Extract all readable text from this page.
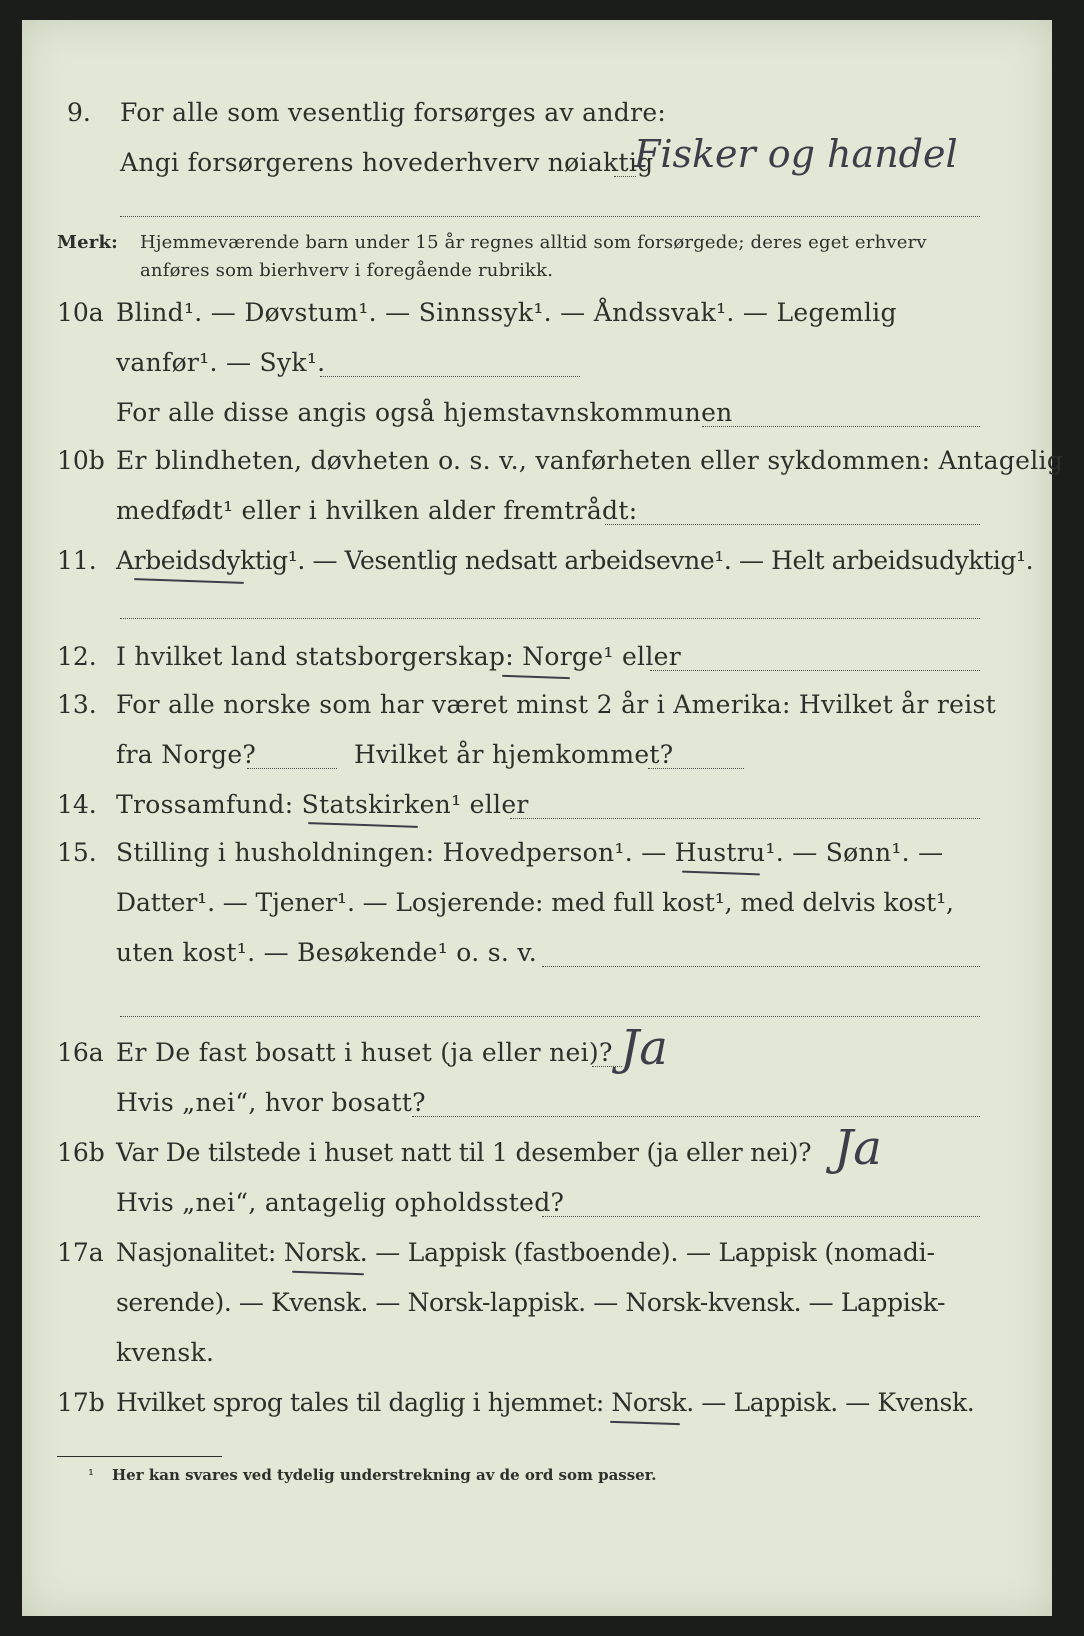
9. For alle som vesentlig forsørges av andre:
Angi forsørgerens hovederhverv nøiaktig
Fisker og handel
Merk: Hjemmeværende barn under 15 år regnes alltid som forsørgede; deres eget erhverv
anføres som bierhverv i foregående rubrikk.
10a Blind¹. — Døvstum¹. — Sinnssyk¹. — Åndssvak¹. — Legemlig
vanfør¹. — Syk¹.
For alle disse angis også hjemstavnskommunen
10b Er blindheten, døvheten o. s. v., vanførheten eller sykdommen: Antagelig
medfødt¹ eller i hvilken alder fremtrådt:
11. Arbeidsdyktig¹. — Vesentlig nedsatt arbeidsevne¹. — Helt arbeidsudyktig¹.
12. I hvilket land statsborgerskap: Norge¹ eller
13. For alle norske som har været minst 2 år i Amerika: Hvilket år reist
fra Norge?	Hvilket år hjemkommet?
14. Trossamfund: Statskirken¹ eller
15. Stilling i husholdningen: Hovedperson¹. — Hustru¹. — Sønn¹. —
Datter¹. — Tjener¹. — Losjerende: med full kost¹, med delvis kost¹,
uten kost¹. — Besøkende¹ o. s. v.
16a Er De fast bosatt i huset (ja eller nei)? Ja
Hvis „nei“, hvor bosatt?
16b Var De tilstede i huset natt til 1 desember (ja eller nei)? Ja
Hvis „nei“, antagelig opholdssted?
17a Nasjonalitet: Norsk. — Lappisk (fastboende). — Lappisk (nomadi-
serende). — Kvensk. — Norsk-lappisk. — Norsk-kvensk. — Lappisk-
kvensk.
17b Hvilket sprog tales til daglig i hjemmet: Norsk. — Lappisk. — Kvensk.
¹ Her kan svares ved tydelig understrekning av de ord som passer.
